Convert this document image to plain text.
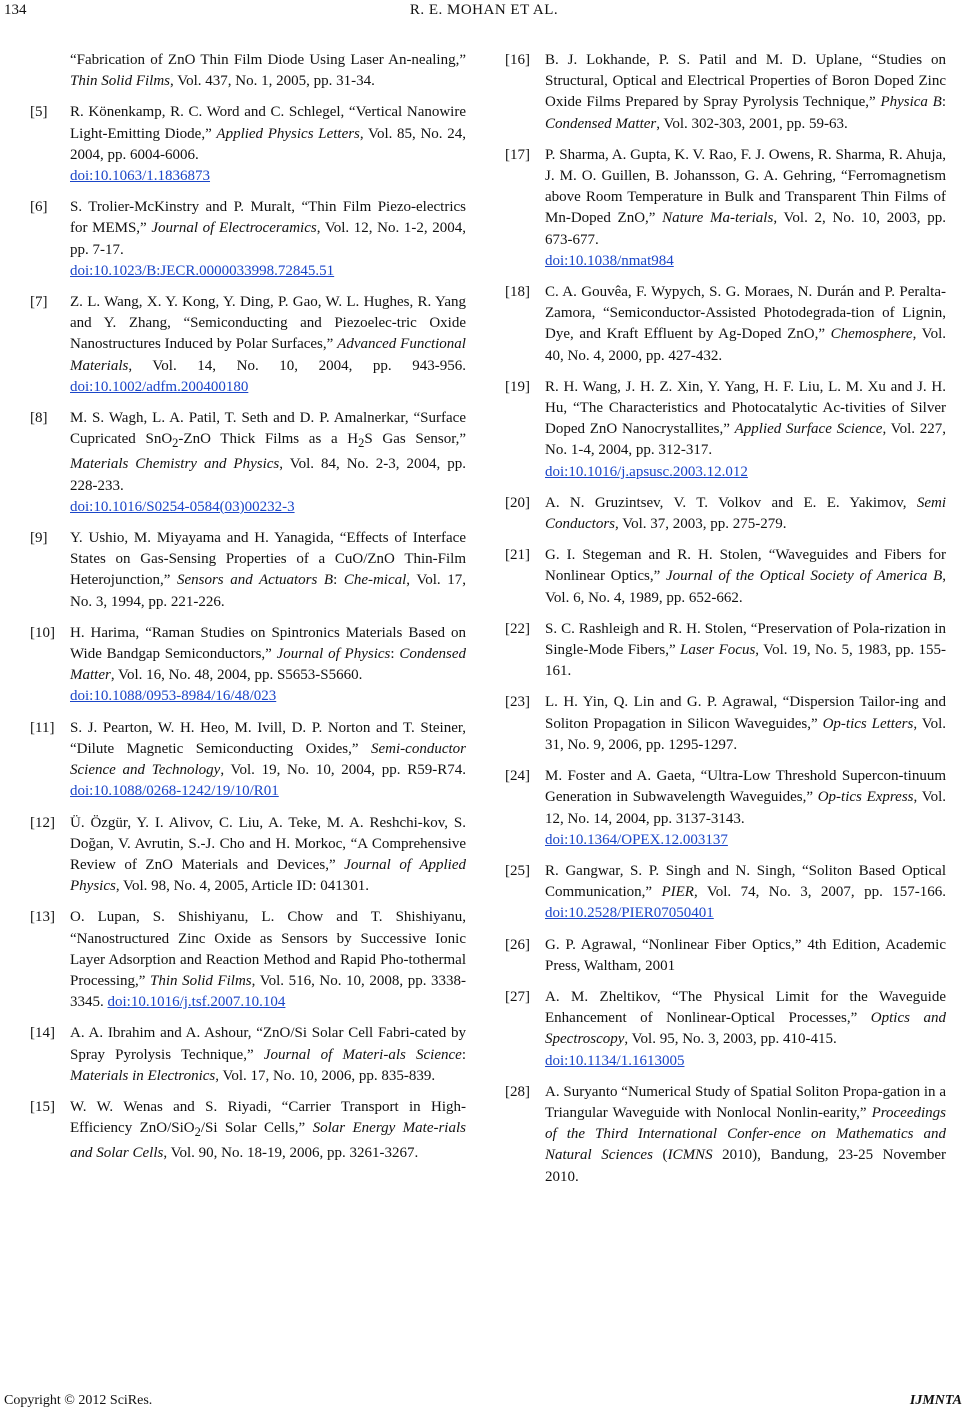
134	R. E. MOHAN ET AL.
“Fabrication of ZnO Thin Film Diode Using Laser An-nealing,” Thin Solid Films, Vol. 437, No. 1, 2005, pp. 31-34.
[5] R. Könenkamp, R. C. Word and C. Schlegel, “Vertical Nanowire Light-Emitting Diode,” Applied Physics Letters, Vol. 85, No. 24, 2004, pp. 6004-6006.
doi:10.1063/1.1836873
[6] S. Trolier-McKinstry and P. Muralt, “Thin Film Piezo-electrics for MEMS,” Journal of Electroceramics, Vol. 12, No. 1-2, 2004, pp. 7-17.
doi:10.1023/B:JECR.0000033998.72845.51
[7] Z. L. Wang, X. Y. Kong, Y. Ding, P. Gao, W. L. Hughes, R. Yang and Y. Zhang, “Semiconducting and Piezoelec-tric Oxide Nanostructures Induced by Polar Surfaces,” Advanced Functional Materials, Vol. 14, No. 10, 2004, pp. 943-956. doi:10.1002/adfm.200400180
[8] M. S. Wagh, L. A. Patil, T. Seth and D. P. Amalnerkar, “Surface Cupricated SnO$_2$-ZnO Thick Films as a $H_2S$ Gas Sensor,” Materials Chemistry and Physics, Vol. 84, No. 2-3, 2004, pp. 228-233.
doi:10.1016/S0254-0584(03)00232-3
[9] Y. Ushio, M. Miyayama and H. Yanagida, “Effects of Interface States on Gas-Sensing Properties of a CuO/ZnO Thin-Film Heterojunction,” Sensors and Actuators B: Che-mical, Vol. 17, No. 3, 1994, pp. 221-226.
[10] H. Harima, “Raman Studies on Spintronics Materials Based on Wide Bandgap Semiconductors,” Journal of Physics: Condensed Matter, Vol. 16, No. 48, 2004, pp. S5653-S5660.
doi:10.1088/0953-8984/16/48/023
[11] S. J. Pearton, W. H. Heo, M. Ivill, D. P. Norton and T. Steiner, “Dilute Magnetic Semiconducting Oxides,” Semi-conductor Science and Technology, Vol. 19, No. 10, 2004, pp. R59-R74. doi:10.1088/0268-1242/19/10/R01
[12] Ü. Özgür, Y. I. Alivov, C. Liu, A. Teke, M. A. Reshchi-kov, S. Doğan, V. Avrutin, S.-J. Cho and H. Morkoc, “A Comprehensive Review of ZnO Materials and Devices,” Journal of Applied Physics, Vol. 98, No. 4, 2005, Article ID: 041301.
[13] O. Lupan, S. Shishiyanu, L. Chow and T. Shishiyanu, “Nanostructured Zinc Oxide as Sensors by Successive Ionic Layer Adsorption and Reaction Method and Rapid Pho-tothermal Processing,” Thin Solid Films, Vol. 516, No. 10, 2008, pp. 3338-3345. doi:10.1016/j.tsf.2007.10.104
[14] A. A. Ibrahim and A. Ashour, “ZnO/Si Solar Cell Fabri-cated by Spray Pyrolysis Technique,” Journal of Materi-als Science: Materials in Electronics, Vol. 17, No. 10, 2006, pp. 835-839.
[15] W. W. Wenas and S. Riyadi, “Carrier Transport in High-Efficiency ZnO/SiO$_2$/Si Solar Cells,” Solar Energy Mate-rials and Solar Cells, Vol. 90, No. 18-19, 2006, pp. 3261-3267.
[16] B. J. Lokhande, P. S. Patil and M. D. Uplane, “Studies on Structural, Optical and Electrical Properties of Boron Doped Zinc Oxide Films Prepared by Spray Pyrolysis Technique,” Physica B: Condensed Matter, Vol. 302-303, 2001, pp. 59-63.
[17] P. Sharma, A. Gupta, K. V. Rao, F. J. Owens, R. Sharma, R. Ahuja, J. M. O. Guillen, B. Johansson, G. A. Gehring, “Ferromagnetism above Room Temperature in Bulk and Transparent Thin Films of Mn-Doped ZnO,” Nature Ma-terials, Vol. 2, No. 10, 2003, pp. 673-677.
doi:10.1038/nmat984
[18] C. A. Gouvêa, F. Wypych, S. G. Moraes, N. Durán and P. Peralta-Zamora, “Semiconductor-Assisted Photodegrada-tion of Lignin, Dye, and Kraft Effluent by Ag-Doped ZnO,” Chemosphere, Vol. 40, No. 4, 2000, pp. 427-432.
[19] R. H. Wang, J. H. Z. Xin, Y. Yang, H. F. Liu, L. M. Xu and J. H. Hu, “The Characteristics and Photocatalytic Ac-tivities of Silver Doped ZnO Nanocrystallites,” Applied Surface Science, Vol. 227, No. 1-4, 2004, pp. 312-317.
doi:10.1016/j.apsusc.2003.12.012
[20] A. N. Gruzintsev, V. T. Volkov and E. E. Yakimov, Semi Conductors, Vol. 37, 2003, pp. 275-279.
[21] G. I. Stegeman and R. H. Stolen, “Waveguides and Fibers for Nonlinear Optics,” Journal of the Optical Society of America B, Vol. 6, No. 4, 1989, pp. 652-662.
[22] S. C. Rashleigh and R. H. Stolen, “Preservation of Pola-rization in Single-Mode Fibers,” Laser Focus, Vol. 19, No. 5, 1983, pp. 155-161.
[23] L. H. Yin, Q. Lin and G. P. Agrawal, “Dispersion Tailor-ing and Soliton Propagation in Silicon Waveguides,” Op-tics Letters, Vol. 31, No. 9, 2006, pp. 1295-1297.
[24] M. Foster and A. Gaeta, “Ultra-Low Threshold Supercon-tinuum Generation in Subwavelength Waveguides,” Op-tics Express, Vol. 12, No. 14, 2004, pp. 3137-3143.
doi:10.1364/OPEX.12.003137
[25] R. Gangwar, S. P. Singh and N. Singh, “Soliton Based Optical Communication,” PIER, Vol. 74, No. 3, 2007, pp. 157-166. doi:10.2528/PIER07050401
[26] G. P. Agrawal, “Nonlinear Fiber Optics,” 4th Edition, Academic Press, Waltham, 2001
[27] A. M. Zheltikov, “The Physical Limit for the Waveguide Enhancement of Nonlinear-Optical Processes,” Optics and Spectroscopy, Vol. 95, No. 3, 2003, pp. 410-415.
doi:10.1134/1.1613005
[28] A. Suryanto “Numerical Study of Spatial Soliton Propa-gation in a Triangular Waveguide with Nonlocal Nonlin-earity,” Proceedings of the Third International Confer-ence on Mathematics and Natural Sciences (ICMNS 2010), Bandung, 23-25 November 2010.
Copyright © 2012 SciRes.	IJMNTA
